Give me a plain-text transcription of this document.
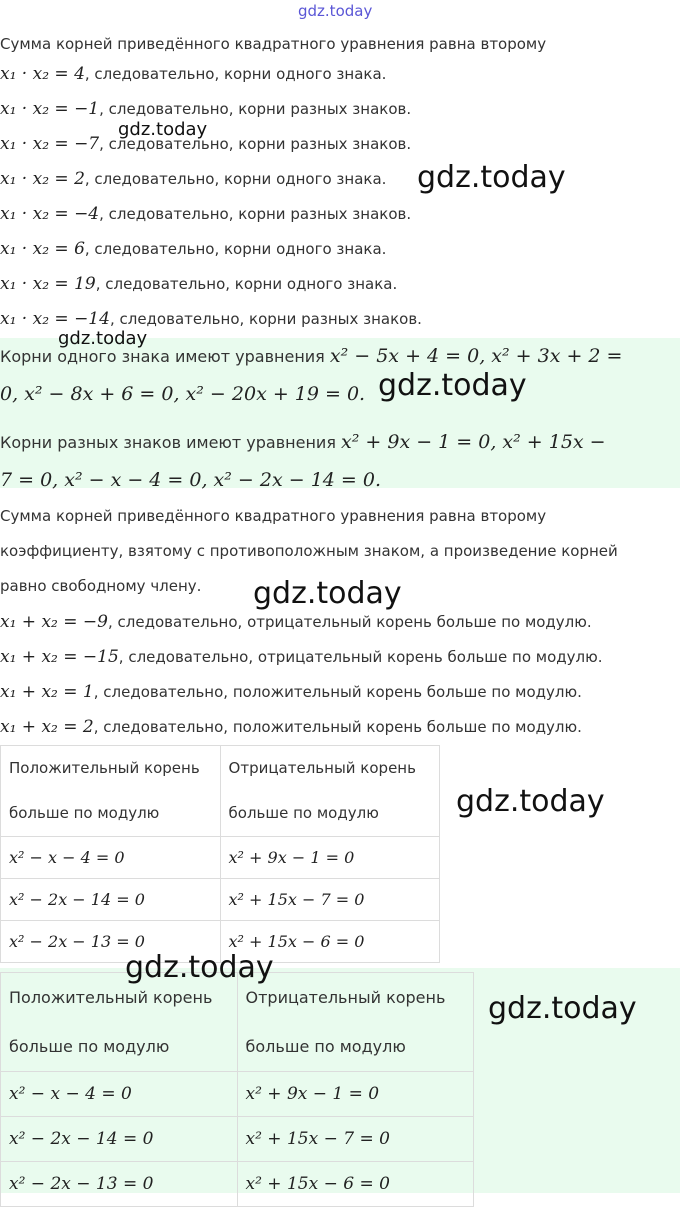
gdz.today
Сумма корней приведённого квадратного уравнения равна второму
x₁ · x₂ = 4, следовательно, корни одного знака.
x₁ · x₂ = −1, следовательно, корни разных знаков.
x₁ · x₂ = −7, следовательно, корни разных знаков.
x₁ · x₂ = 2, следовательно, корни одного знака.
x₁ · x₂ = −4, следовательно, корни разных знаков.
x₁ · x₂ = 6, следовательно, корни одного знака.
x₁ · x₂ = 19, следовательно, корни одного знака.
x₁ · x₂ = −14, следовательно, корни разных знаков.
Корни одного знака имеют уравнения x² − 5x + 4 = 0, x² + 3x + 2 =
0, x² − 8x + 6 = 0, x² − 20x + 19 = 0.
Корни разных знаков имеют уравнения x² + 9x − 1 = 0, x² + 15x −
7 = 0, x² − x − 4 = 0, x² − 2x − 14 = 0.
Сумма корней приведённого квадратного уравнения равна второму
коэффициенту, взятому с противоположным знаком, а произведение корней
равно свободному члену.
x₁ + x₂ = −9, следовательно, отрицательный корень больше по модулю.
x₁ + x₂ = −15, следовательно, отрицательный корень больше по модулю.
x₁ + x₂ = 1, следовательно, положительный корень больше по модулю.
x₁ + x₂ = 2, следовательно, положительный корень больше по модулю.
Положительный корень
больше по модулю	Отрицательный корень
больше по модулю
x² − x − 4 = 0	x² + 9x − 1 = 0
x² − 2x − 14 = 0	x² + 15x − 7 = 0
x² − 2x − 13 = 0	x² + 15x − 6 = 0
Положительный корень
больше по модулю	Отрицательный корень
больше по модулю
x² − x − 4 = 0	x² + 9x − 1 = 0
x² − 2x − 14 = 0	x² + 15x − 7 = 0
x² − 2x − 13 = 0	x² + 15x − 6 = 0
gdz.today
gdz.today
gdz.today
gdz.today
gdz.today
gdz.today
gdz.today
gdz.today
